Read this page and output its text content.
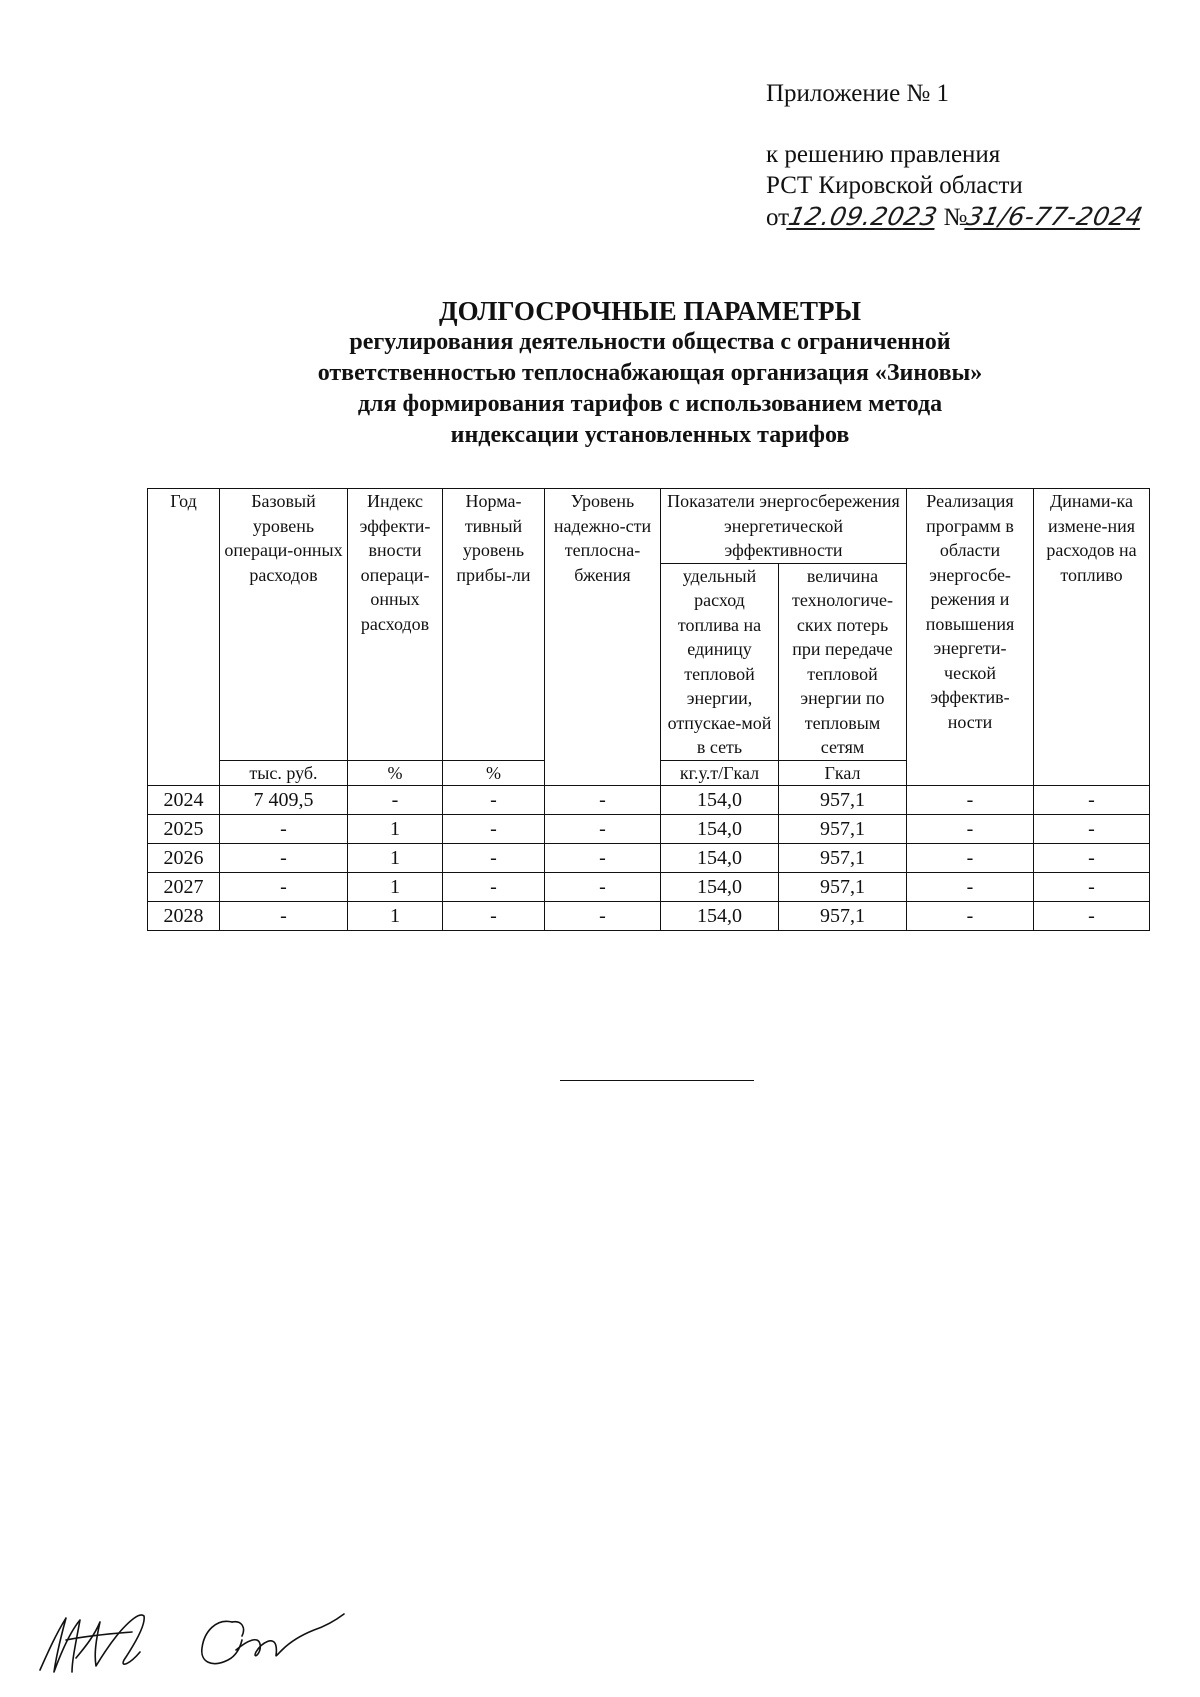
Приложение № 1
к решению правления
РСТ Кировской области
от12.09.2023 №31/6-77-2024
ДОЛГОСРОЧНЫЕ ПАРАМЕТРЫ
регулирования деятельности общества с ограниченной
ответственностью теплоснабжающая организация «Зиновы»
для формирования тарифов с использованием метода
индексации установленных тарифов
Год	Базовый уровень операци-онных расходов	Индекс эффекти-вности операци-онных расходов	Норма-тивный уровень прибы-ли	Уровень надежно-сти теплосна-бжения	Показатели энергосбережения энергетической эффективности		Реализация программ в области энергосбе-режения и повышения энергети-ческой эффектив-ности	Динами-ка измене-ния расходов на топливо
					удельный расход топлива на единицу тепловой энергии, отпускае-мой в сеть	величина технологиче-ских потерь при передаче тепловой энергии по тепловым сетям		
	тыс. руб.	%	%		кг.у.т/Гкал	Гкал		
2024	7 409,5	-	-	-	154,0	957,1	-	-
2025	-	1	-	-	154,0	957,1	-	-
2026	-	1	-	-	154,0	957,1	-	-
2027	-	1	-	-	154,0	957,1	-	-
2028	-	1	-	-	154,0	957,1	-	-
